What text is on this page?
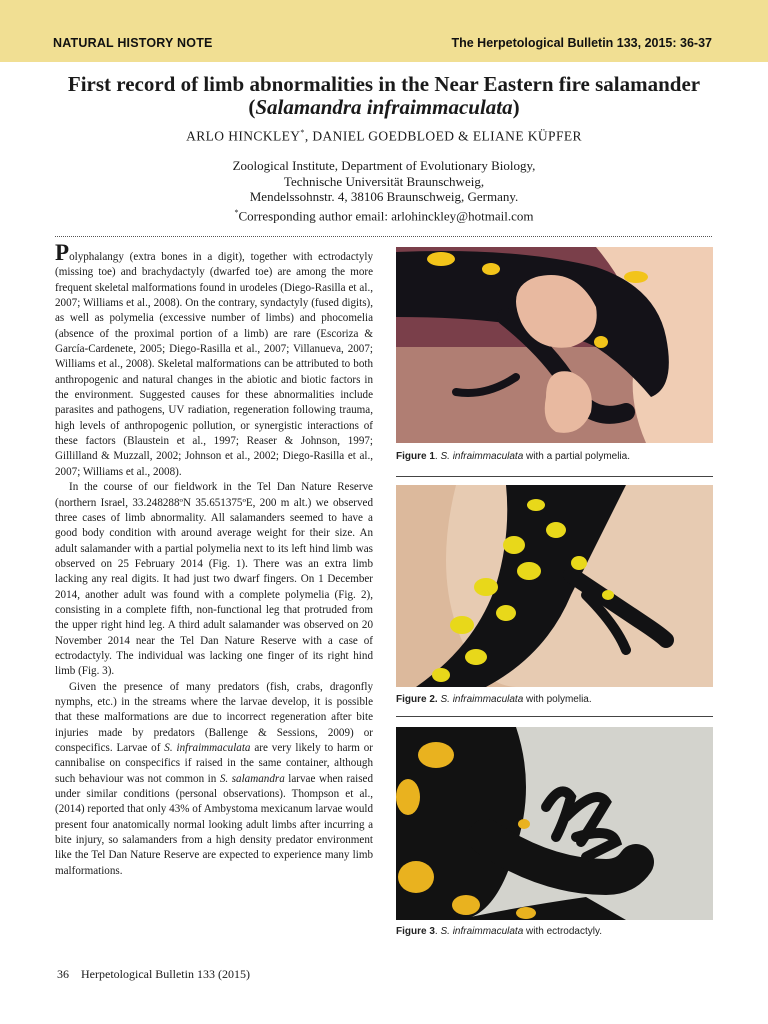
NATURAL HISTORY NOTE	The Herpetological Bulletin 133, 2015: 36-37
First record of limb abnormalities in the Near Eastern fire salamander (Salamandra infraimmaculata)
ARLO HINCKLEY*, DANIEL GOEDBLOED & ELIANE KÜPFER
Zoological Institute, Department of Evolutionary Biology,
Technische Universität Braunschweig,
Mendelssohnstr. 4, 38106 Braunschweig, Germany.
*Corresponding author email: arlohinckley@hotmail.com

Polyphalangy (extra bones in a digit), together with ectrodactyly (missing toe) and brachydactyly (dwarfed toe) are among the more frequent skeletal malformations found in urodeles (Diego-Rasilla et al., 2007; Williams et al., 2008). On the contrary, syndactyly (fused digits), as well as polymelia (excessive number of limbs) and phocomelia (absence of the proximal portion of a limb) are rare (Escoriza & García-Cardenete, 2005; Diego-Rasilla et al., 2007; Villanueva, 2007; Williams et al., 2008). Skeletal malformations can be attributed to both anthropogenic and natural changes in the abiotic and biotic factors in the environment. Suggested causes for these abnormalities include parasites and pathogens, UV radiation, regeneration following trauma, high levels of anthropogenic pollution, or synergistic interactions of these factors (Blaustein et al., 1997; Reaser & Johnson, 1997; Gillilland & Muzzall, 2002; Johnson et al., 2002; Diego-Rasilla et al., 2007; Williams et al., 2008).

In the course of our fieldwork in the Tel Dan Nature Reserve (northern Israel, 33.248288ºN 35.651375ºE, 200 m alt.) we observed three cases of limb abnormality. All salamanders seemed to have a good body condition with around average weight for their size. An adult salamander with a partial polymelia next to its left hind limb was observed on 25 February 2014 (Fig. 1). There was an extra limb lacking any real digits. It had just two dwarf fingers. On 1 December 2014, another adult was found with a complete polymelia (Fig. 2), consisting in a complete fifth, non-functional leg that protruded from the upper right hind leg. A third adult salamander was observed on 20 November 2014 near the Tel Dan Nature Reserve with a case of ectrodactyly. The individual was lacking one finger of its right hind limb (Fig. 3).

Given the presence of many predators (fish, crabs, dragonfly nymphs, etc.) in the streams where the larvae develop, it is possible that these malformations are due to incorrect regeneration after bite injuries made by predators (Ballenge & Sessions, 2009) or conspecifics. Larvae of S. infraimmaculata are very likely to harm or cannibalise on conspecifics if raised in the same container, although such behaviour was not common in S. salamandra larvae when raised under similar conditions (personal observations). Thompson et al., (2014) reported that only 43% of Ambystoma mexicanum larvae would present four anatomically normal looking adult limbs after incurring a bite injury, so salamanders from a high density predator environment like the Tel Dan Nature Reserve are expected to experience many limb malformations.

Figure 1. S. infraimmaculata with a partial polymelia.
Figure 2. S. infraimmaculata with polymelia.
Figure 3. S. infraimmaculata with ectrodactyly.
36 Herpetological Bulletin 133 (2015)
